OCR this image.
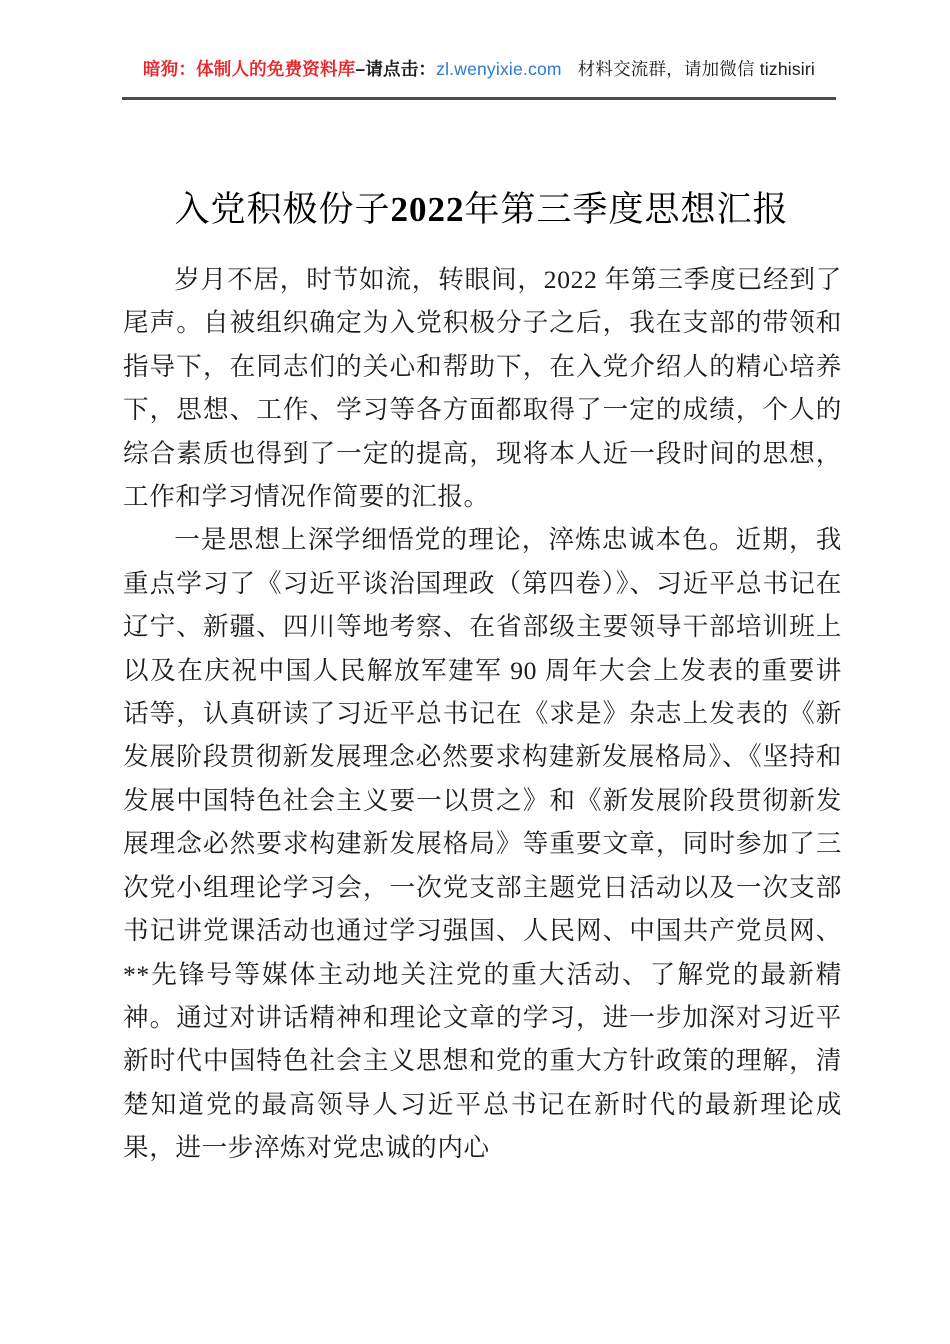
暗狗：体制人的免费资料库–请点击：zl.wenyixie.com 材料交流群，请加微信 tizhisiri
入党积极份子2022年第三季度思想汇报

岁月不居，时节如流，转眼间，2022 年第三季度已经到了尾声。自被组织确定为入党积极分子之后，我在支部的带领和指导下，在同志们的关心和帮助下，在入党介绍人的精心培养下，思想、工作、学习等各方面都取得了一定的成绩，个人的综合素质也得到了一定的提高，现将本人近一段时间的思想，工作和学习情况作简要的汇报。

一是思想上深学细悟党的理论，淬炼忠诚本色。近期，我重点学习了《习近平谈治国理政（第四卷）》、习近平总书记在辽宁、新疆、四川等地考察、在省部级主要领导干部培训班上以及在庆祝中国人民解放军建军 90 周年大会上发表的重要讲话等，认真研读了习近平总书记在《求是》杂志上发表的《新发展阶段贯彻新发展理念必然要求构建新发展格局》、《坚持和发展中国特色社会主义要一以贯之》和《新发展阶段贯彻新发展理念必然要求构建新发展格局》等重要文章，同时参加了三次党小组理论学习会，一次党支部主题党日活动以及一次支部书记讲党课活动也通过学习强国、人民网、中国共产党员网、**先锋号等媒体主动地关注党的重大活动、了解党的最新精神。通过对讲话精神和理论文章的学习，进一步加深对习近平新时代中国特色社会主义思想和党的重大方针政策的理解，清楚知道党的最高领导人习近平总书记在新时代的最新理论成果，进一步淬炼对党忠诚的内心
